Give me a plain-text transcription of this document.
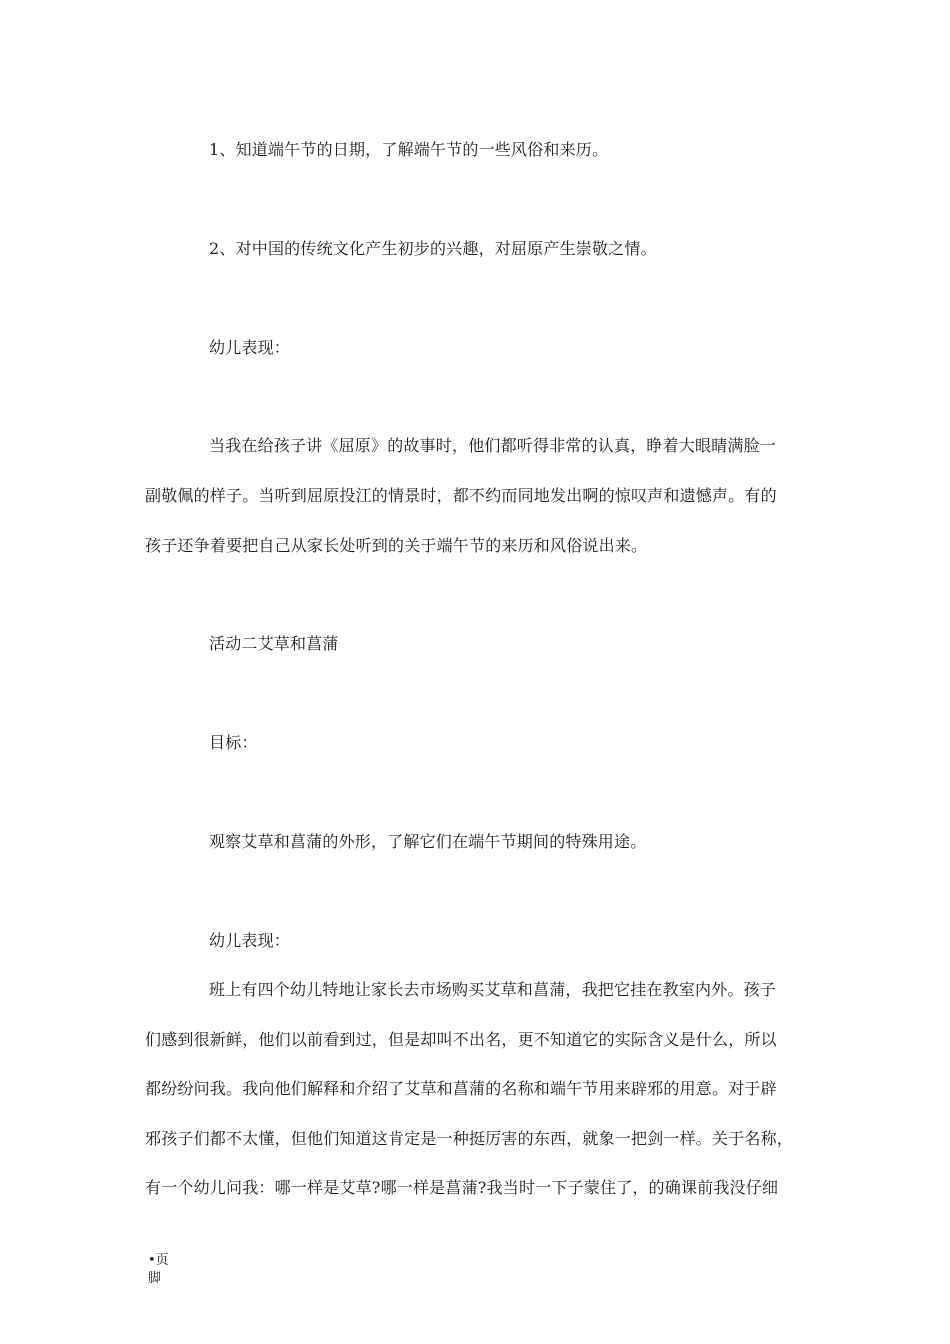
1、知道端午节的日期，了解端午节的一些风俗和来历。
2、对中国的传统文化产生初步的兴趣，对屈原产生崇敬之情。
幼儿表现：
当我在给孩子讲《屈原》的故事时，他们都听得非常的认真，睁着大眼睛满脸一
副敬佩的样子。当听到屈原投江的情景时，都不约而同地发出啊的惊叹声和遗憾声。有的
孩子还争着要把自己从家长处听到的关于端午节的来历和风俗说出来。
活动二艾草和菖蒲
目标：
观察艾草和菖蒲的外形，了解它们在端午节期间的特殊用途。
幼儿表现：
班上有四个幼儿特地让家长去市场购买艾草和菖蒲，我把它挂在教室内外。孩子
们感到很新鲜，他们以前看到过，但是却叫不出名，更不知道它的实际含义是什么，所以
都纷纷问我。我向他们解释和介绍了艾草和菖蒲的名称和端午节用来辟邪的用意。对于辟
邪孩子们都不太懂，但他们知道这肯定是一种挺厉害的东西，就象一把剑一样。关于名称，
有一个幼儿问我：哪一样是艾草?哪一样是菖蒲?我当时一下子蒙住了，的确课前我没仔细
•页脚
